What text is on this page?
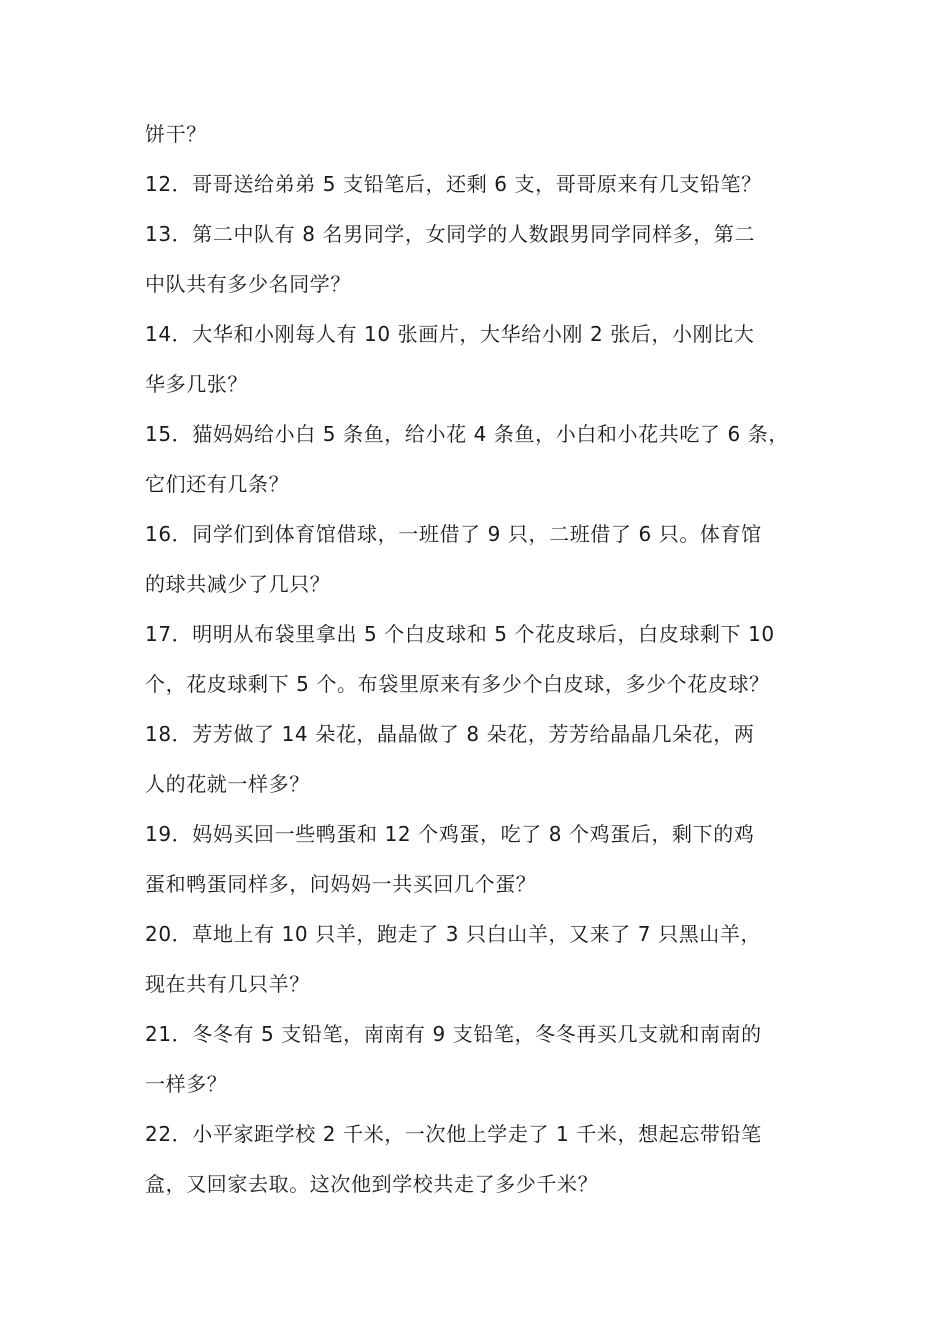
饼干？
12．哥哥送给弟弟 5 支铅笔后，还剩 6 支，哥哥原来有几支铅笔？
13．第二中队有 8 名男同学，女同学的人数跟男同学同样多，第二
中队共有多少名同学？
14．大华和小刚每人有 10 张画片，大华给小刚 2 张后，小刚比大
华多几张？
15．猫妈妈给小白 5 条鱼，给小花 4 条鱼，小白和小花共吃了 6 条，
它们还有几条？
16．同学们到体育馆借球，一班借了 9 只，二班借了 6 只。体育馆
的球共减少了几只？
17．明明从布袋里拿出 5 个白皮球和 5 个花皮球后，白皮球剩下 10
个，花皮球剩下 5 个。布袋里原来有多少个白皮球，多少个花皮球？
18．芳芳做了 14 朵花，晶晶做了 8 朵花，芳芳给晶晶几朵花，两
人的花就一样多？
19．妈妈买回一些鸭蛋和 12 个鸡蛋，吃了 8 个鸡蛋后，剩下的鸡
蛋和鸭蛋同样多，问妈妈一共买回几个蛋？
20．草地上有 10 只羊，跑走了 3 只白山羊，又来了 7 只黑山羊，
现在共有几只羊？
21．冬冬有 5 支铅笔，南南有 9 支铅笔，冬冬再买几支就和南南的
一样多？
22．小平家距学校 2 千米，一次他上学走了 1 千米，想起忘带铅笔
盒，又回家去取。这次他到学校共走了多少千米？
